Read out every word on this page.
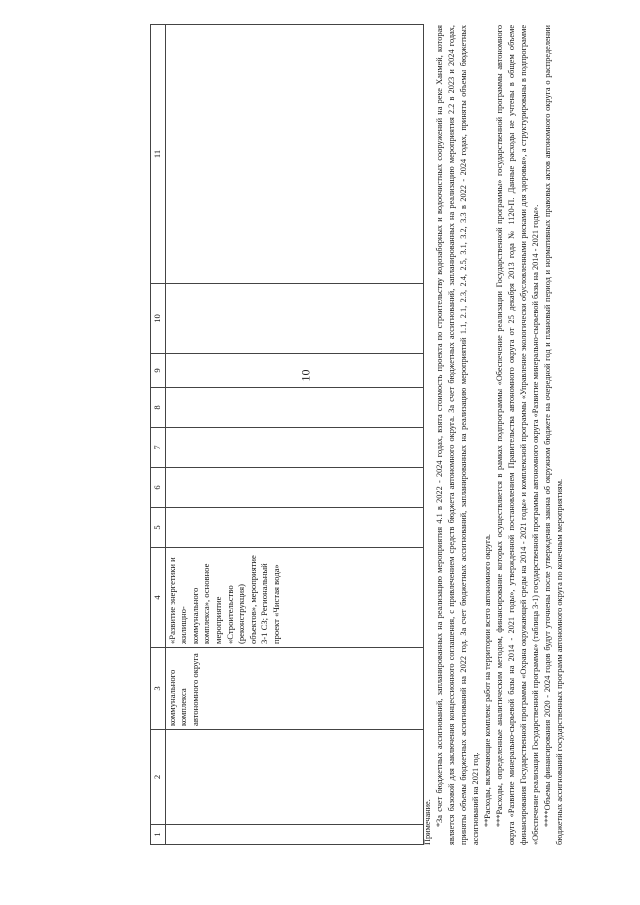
10
1	2	3	4	5	6	7	8	9	10	11
		коммунального комплекса автономного округа	«Развитие энергетики и жилищно-коммунального комплекса», основное мероприятие «Строительство (реконструкция) объектов», мероприятие 3-1 СЗ; Региональный проект «Чистая вода»							

Примечание. *За счет бюджетных ассигнований, запланированных на реализацию мероприятия 4.1 в 2022 - 2024 годах, взята стоимость проекта по строительству водозаборных и водоочистных сооружений на реке Ханмей, которая является базовой для заключения концессионного соглашения, с привлечением средств бюджета автономного округа. За счет бюджетных ассигнований, запланированных на реализацию мероприятия 2.2 в 2023 и 2024 годах, приняты объемы бюджетных ассигнований на 2022 год. За счет бюджетных ассигнований, запланированных на реализацию мероприятий 1.1, 2.1, 2.3, 2.4, 2.5, 3.1, 3.2, 3.3 в 2022 - 2024 годах, приняты объемы бюджетных ассигнований на 2021 год. **Расходы, включающие комплекс работ на территории всего автономного округа. ***Расходы, определенные аналитическим методом, финансирование которых осуществляется в рамках подпрограммы «Обеспечение реализации Государственной программы» государственной программы автономного округа «Развитие минерально-сырьевой базы на 2014 - 2021 годы», утвержденной постановлением Правительства автономного округа от 25 декабря 2013 года № 1120-П. Данные расходы не учтены в общем объеме финансирования Государственной программы «Охрана окружающей среды на 2014 - 2021 годы» и комплексной программы «Управление экологически обусловленными рисками для здоровья», а структурированы в подпрограмме «Обеспечение реализации Государственной программы» (таблица 3-1) государственной программы автономного округа «Развитие минерально-сырьевой базы на 2014 - 2021 годы». ****Объемы финансирования 2020 - 2024 годов будут уточнены после утверждения закона об окружном бюджете на очередной год и плановый период и нормативных правовых актов автономного округа о распределении бюджетных ассигнований государственных программ автономного округа по конечным мероприятиям.
